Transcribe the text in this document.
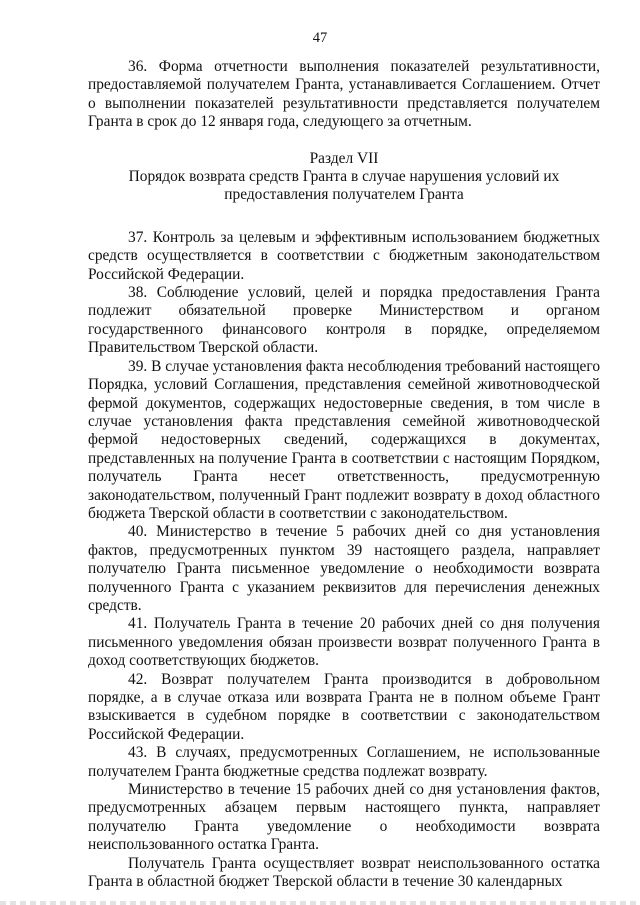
47

36. Форма отчетности выполнения показателей результативности, предоставляемой получателем Гранта, устанавливается Соглашением. Отчет о выполнении показателей результативности представляется получателем Гранта в срок до 12 января года, следующего за отчетным.

Раздел VII

Порядок возврата средств Гранта в случае нарушения условий их предоставления получателем Гранта

37. Контроль за целевым и эффективным использованием бюджетных средств осуществляется в соответствии с бюджетным законодательством Российской Федерации.

38. Соблюдение условий, целей и порядка предоставления Гранта подлежит обязательной проверке Министерством и органом государственного финансового контроля в порядке, определяемом Правительством Тверской области.

39. В случае установления факта несоблюдения требований настоящего Порядка, условий Соглашения, представления семейной животноводческой фермой документов, содержащих недостоверные сведения, в том числе в случае установления факта представления семейной животноводческой фермой недостоверных сведений, содержащихся в документах, представленных на получение Гранта в соответствии с настоящим Порядком, получатель Гранта несет ответственность, предусмотренную законодательством, полученный Грант подлежит возврату в доход областного бюджета Тверской области в соответствии с законодательством.

40. Министерство в течение 5 рабочих дней со дня установления фактов, предусмотренных пунктом 39 настоящего раздела, направляет получателю Гранта письменное уведомление о необходимости возврата полученного Гранта с указанием реквизитов для перечисления денежных средств.

41. Получатель Гранта в течение 20 рабочих дней со дня получения письменного уведомления обязан произвести возврат полученного Гранта в доход соответствующих бюджетов.

42. Возврат получателем Гранта производится в добровольном порядке, а в случае отказа или возврата Гранта не в полном объеме Грант взыскивается в судебном порядке в соответствии с законодательством Российской Федерации.

43. В случаях, предусмотренных Соглашением, не использованные получателем Гранта бюджетные средства подлежат возврату.

Министерство в течение 15 рабочих дней со дня установления фактов, предусмотренных абзацем первым настоящего пункта, направляет получателю Гранта уведомление о необходимости возврата неиспользованного остатка Гранта.

Получатель Гранта осуществляет возврат неиспользованного остатка Гранта в областной бюджет Тверской области в течение 30 календарных
